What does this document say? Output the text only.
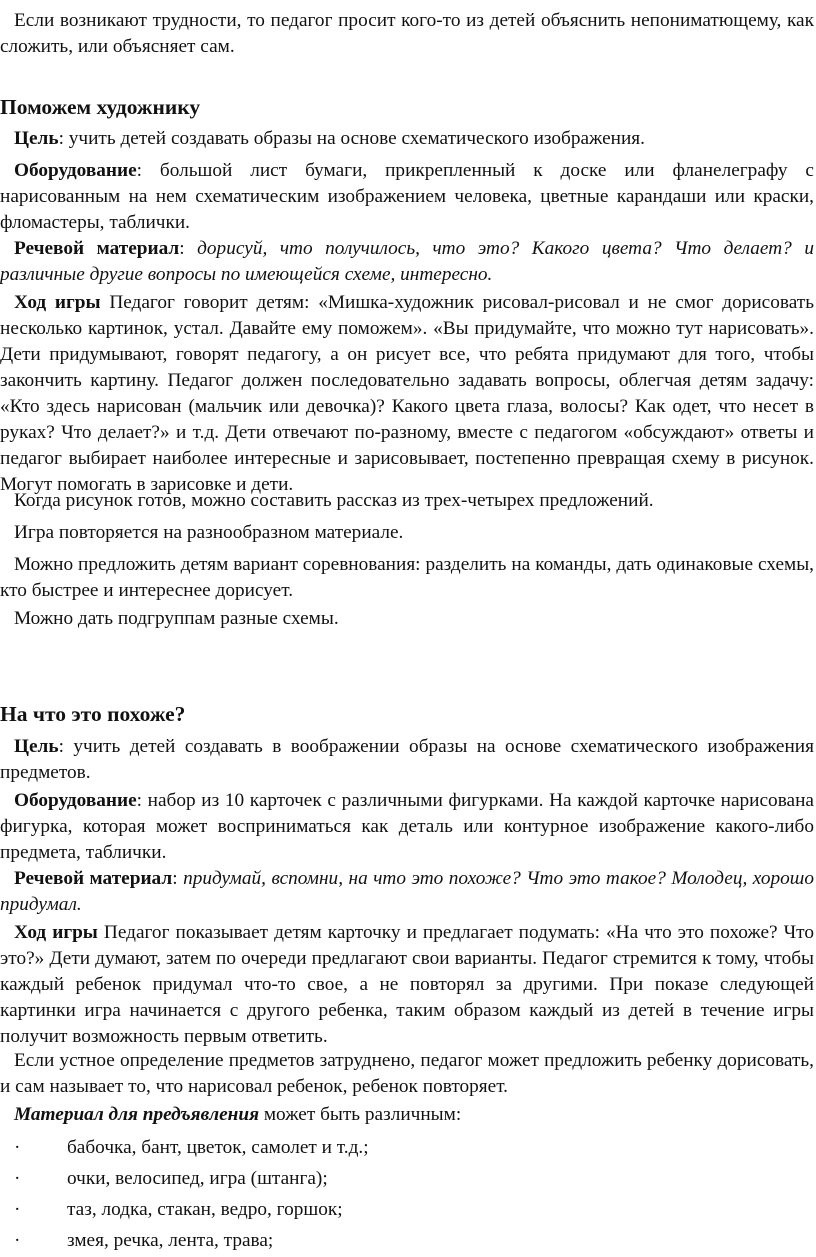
Если возникают трудности, то педагог просит кого-то из детей объяснить непониматющему, как сложить, или объясняет сам.

Поможем художнику

Цель: учить детей создавать образы на основе схематического изображения.

Оборудование: большой лист бумаги, прикрепленный к доске или фланелеграфу с нарисованным на нем схематическим изображением человека, цветные карандаши или краски, фломастеры, таблички.

Речевой материал: дорисуй, что получилось, что это? Какого цвета? Что делает? и различные другие вопросы по имеющейся схеме, интересно.

Ход игры Педагог говорит детям: «Мишка-художник рисовал-рисовал и не смог дорисовать несколько картинок, устал. Давайте ему поможем». «Вы придумайте, что можно тут нарисовать». Дети придумывают, говорят педагогу, а он рисует все, что ребята придумают для того, чтобы закончить картину. Педагог должен последовательно задавать вопросы, облегчая детям задачу: «Кто здесь нарисован (мальчик или девочка)? Какого цвета глаза, волосы? Как одет, что несет в руках? Что делает?» и т.д. Дети отвечают по-разному, вместе с педагогом «обсуждают» ответы и педагог выбирает наиболее интересные и зарисовывает, постепенно превращая схему в рисунок. Могут помогать в зарисовке и дети.

Когда рисунок готов, можно составить рассказ из трех-четырех предложений.

Игра повторяется на разнообразном материале.

Можно предложить детям вариант соревнования: разделить на команды, дать одинаковые схемы, кто быстрее и интереснее дорисует.

Можно дать подгруппам разные схемы.

На что это похоже?

Цель: учить детей создавать в воображении образы на основе схематического изображения предметов.

Оборудование: набор из 10 карточек с различными фигурками. На каждой карточке нарисована фигурка, которая может восприниматься как деталь или контурное изображение какого-либо предмета, таблички.

Речевой материал: придумай, вспомни, на что это похоже? Что это такое? Молодец, хорошо придумал.

Ход игры Педагог показывает детям карточку и предлагает подумать: «На что это похоже? Что это?» Дети думают, затем по очереди предлагают свои варианты. Педагог стремится к тому, чтобы каждый ребенок придумал что-то свое, а не повторял за другими. При показе следующей картинки игра начинается с другого ребенка, таким образом каждый из детей в течение игры получит возможность первым ответить.

Если устное определение предметов затруднено, педагог может предложить ребенку дорисовать, и сам называет то, что нарисовал ребенок, ребенок повторяет.

Материал для предъявления может быть различным:

· бабочка, бант, цветок, самолет и т.д.;
· очки, велосипед, игра (штанга);
· таз, лодка, стакан, ведро, горшок;
· змея, речка, лента, трава;
